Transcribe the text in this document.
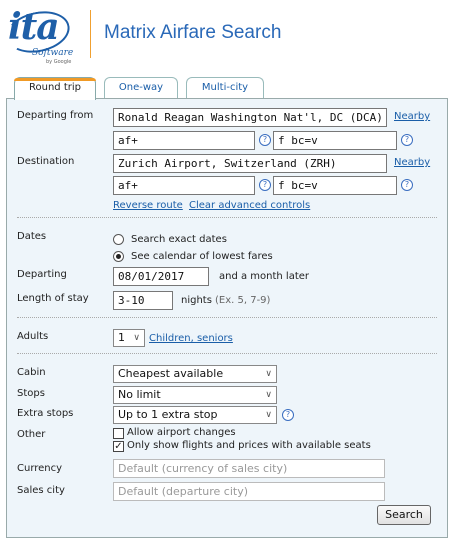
ita
Software
by Google
Matrix Airfare Search
Round trip	One-way	Multi-city
Departing from	Ronald Reagan Washington Nat'l, DC (DCA)	Nearby
af+	? f bc=v	?
Destination	Zurich Airport, Switzerland (ZRH)	Nearby
af+	? f bc=v	?
Reverse route Clear advanced controls
Dates	Search exact dates
See calendar of lowest fares
Departing	08/01/2017	and a month later
Length of stay	3-10	nights (Ex. 5, 7-9)
Adults	1 ∨ Children, seniors
Cabin	Cheapest available	∨
Stops	No limit	∨
Extra stops	Up to 1 extra stop	∨	?
Other	Allow airport changes
✓ Only show flights and prices with available seats
Currency	Default (currency of sales city)
Sales city	Default (departure city)
Search
